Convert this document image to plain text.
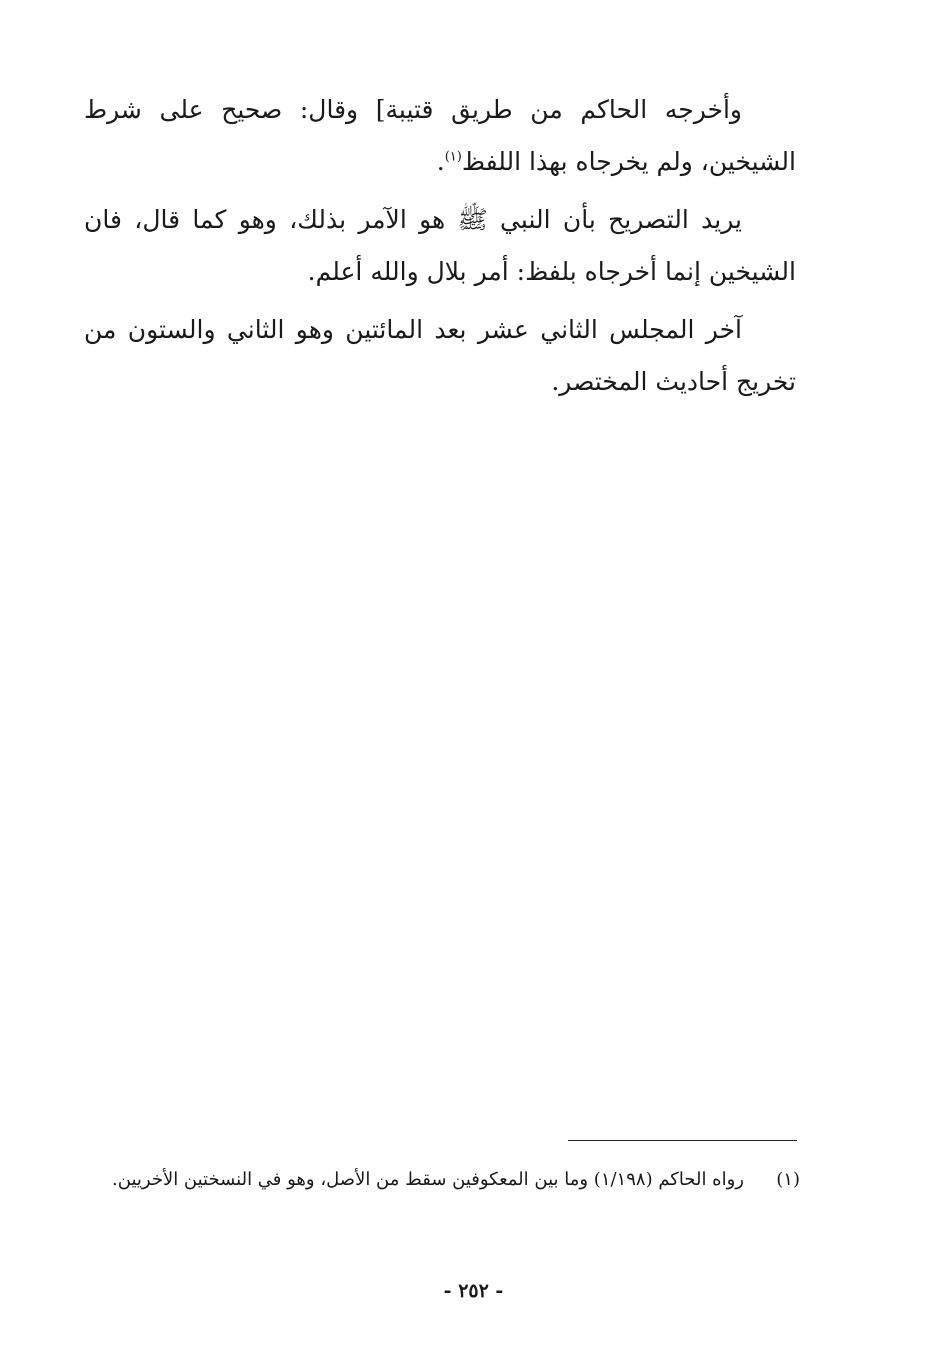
وأخرجه الحاكم من طريق قتيبة] وقال: صحيح على شرط الشيخين، ولم يخرجاه بهذا اللفظ$^{(١)}$.

يريد التصريح بأن النبي ﷺ هو الآمر بذلك، وهو كما قال، فان الشيخين إنما أخرجاه بلفظ: أمر بلال والله أعلم.

آخر المجلس الثاني عشر بعد المائتين وهو الثاني والستون من تخريج أحاديث المختصر.

(١)
رواه الحاكم (١/١٩٨) وما بين المعكوفين سقط من الأصل، وهو في النسختين الأخريين.
- ٢٥٢ -
